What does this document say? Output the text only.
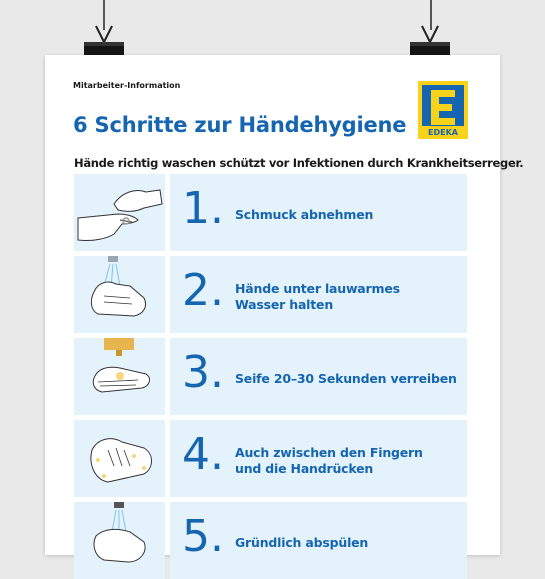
Mitarbeiter-Information
6 Schritte zur Händehygiene
Hände richtig waschen schützt vor Infektionen durch Krankheitserreger.
EDEKA
1. Schmuck abnehmen
2. Hände unter lauwarmes
Wasser halten
3. Seife 20–30 Sekunden verreiben
4. Auch zwischen den Fingern
und die Handrücken
5. Gründlich abspülen
